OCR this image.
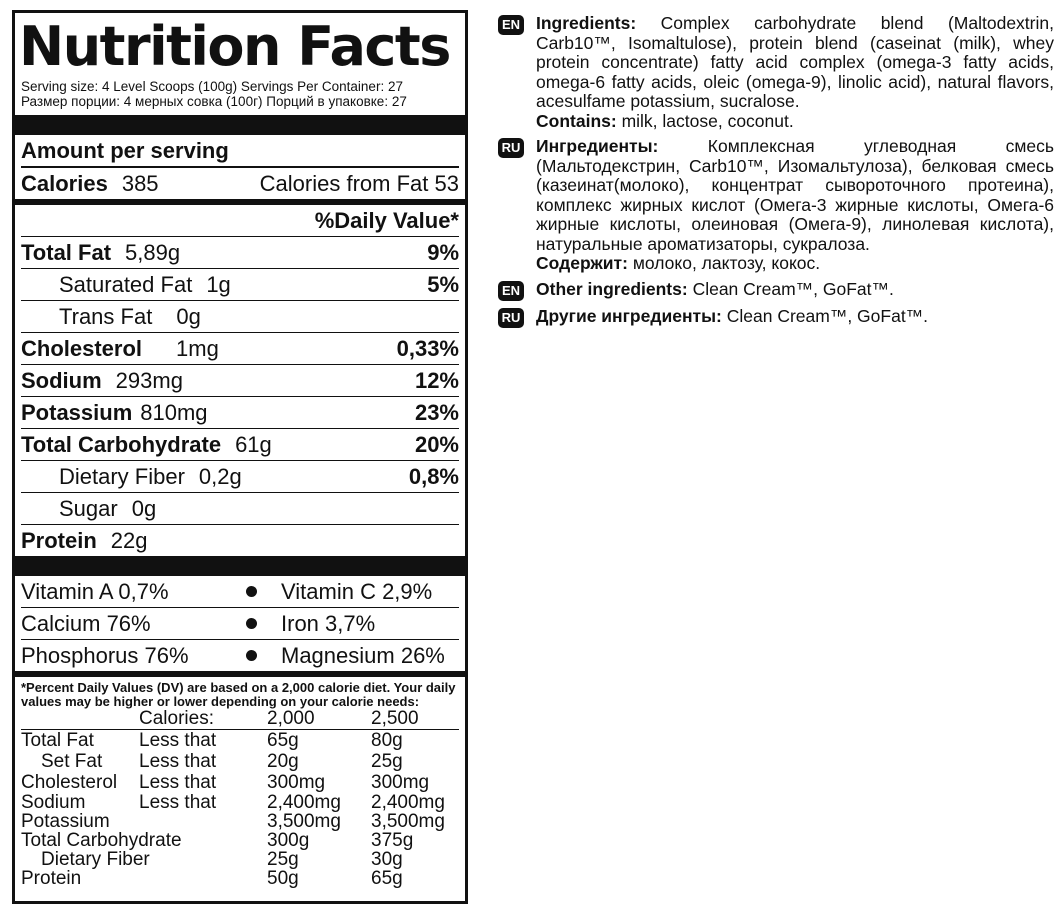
Nutrition Facts
Serving size: 4 Level Scoops (100g) Servings Per Container: 27
Размер порции: 4 мерных совка (100г) Порций в упаковке: 27
Amount per serving
Calories 385	Calories from Fat 53
%Daily Value*
Total Fat 5,89g	9%
Saturated Fat 1g	5%
Trans Fat 0g
Cholesterol 1mg	0,33%
Sodium 293mg	12%
Potassium 810mg	23%
Total Carbohydrate 61g	20%
Dietary Fiber 0,2g	0,8%
Sugar 0g
Protein 22g
Vitamin A 0,7%	Vitamin C 2,9%
Calcium 76%	Iron 3,7%
Phosphorus 76%	Magnesium 26%
*Percent Daily Values (DV) are based on a 2,000 calorie diet. Your daily values may be higher or lower depending on your calorie needs:
	Calories:	2,000	2,500
Total Fat	Less that	65g	80g
Set Fat	Less that	20g	25g
Cholesterol	Less that	300mg	300mg
Sodium	Less that	2,400mg	2,400mg
Potassium		3,500mg	3,500mg
Total Carbohydrate		300g	375g
Dietary Fiber		25g	30g
Protein		50g	65g
EN Ingredients: Complex carbohydrate blend (Maltodextrin, Carb10™, Isomaltulose), protein blend (caseinat (milk), whey protein concentrate) fatty acid complex (omega-3 fatty acids, omega-6 fatty acids, oleic (omega-9), linolic acid), natural flavors, acesulfame potassium, sucralose.
Contains: milk, lactose, coconut.
RU Ингредиенты:	Комплексная углеводная смесь (Мальтодекстрин, Carb10™, Изомальтулоза), белковая смесь (казеинат(молоко), концентрат сывороточного протеина), комплекс жирных кислот (Омега-3 жирные кислоты, Омега-6 жирные кислоты, олеиновая (Омега-9), линолевая кислота), натуральные ароматизаторы, сукралоза.
Содержит: молоко, лактозу, кокос.
EN Other ingredients: Clean Cream™, GoFat™.
RU Другие ингредиенты: Clean Cream™, GoFat™.
